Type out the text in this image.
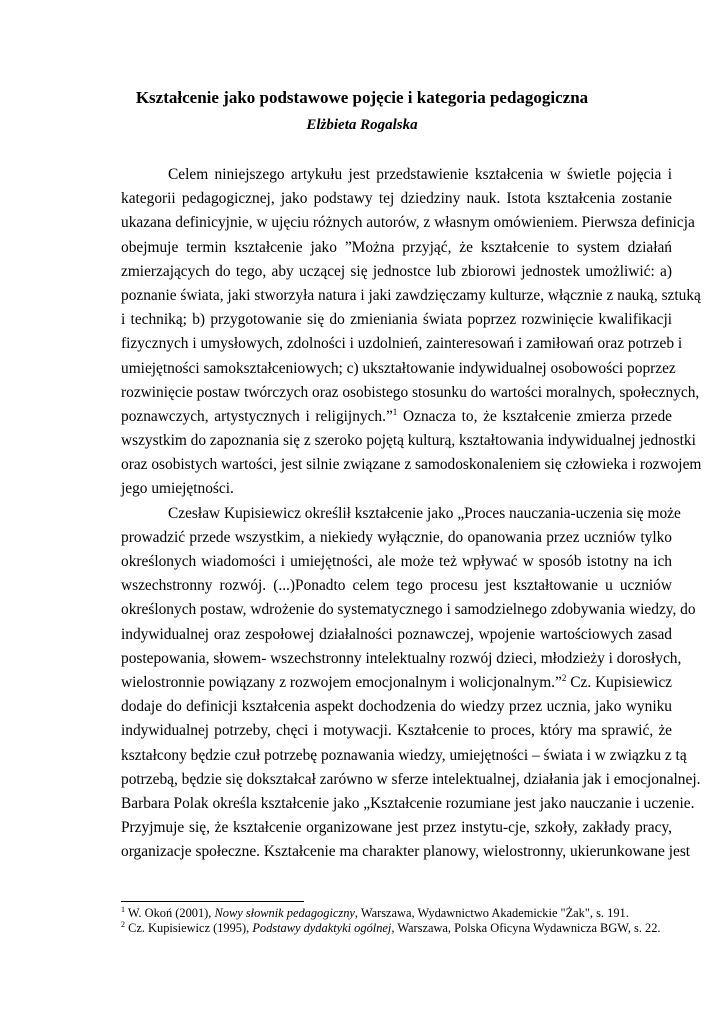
Kształcenie jako podstawowe pojęcie i kategoria pedagogiczna
Elżbieta Rogalska
Celem niniejszego artykułu jest przedstawienie kształcenia w świetle pojęcia i
kategorii pedagogicznej, jako podstawy tej dziedziny nauk. Istota kształcenia zostanie
ukazana definicyjnie, w ujęciu różnych autorów, z własnym omówieniem. Pierwsza definicja
obejmuje termin kształcenie jako ”Można przyjąć, że kształcenie to system działań
zmierzających do tego, aby uczącej się jednostce lub zbiorowi jednostek umożliwić: a)
poznanie świata, jaki stworzyła natura i jaki zawdzięczamy kulturze, włącznie z nauką, sztuką
i techniką; b) przygotowanie się do zmieniania świata poprzez rozwinięcie kwalifikacji
fizycznych i umysłowych, zdolności i uzdolnień, zainteresowań i zamiłowań oraz potrzeb i
umiejętności samokształceniowych; c) ukształtowanie indywidualnej osobowości poprzez
rozwinięcie postaw twórczych oraz osobistego stosunku do wartości moralnych, społecznych,
poznawczych, artystycznych i religijnych.”$^1$ Oznacza to, że kształcenie zmierza przede
wszystkim do zapoznania się z szeroko pojętą kulturą, kształtowania indywidualnej jednostki
oraz osobistych wartości, jest silnie związane z samodoskonaleniem się człowieka i rozwojem
jego umiejętności.
Czesław Kupisiewicz określił kształcenie jako „Proces nauczania-uczenia się może
prowadzić przede wszystkim, a niekiedy wyłącznie, do opanowania przez uczniów tylko
określonych wiadomości i umiejętności, ale może też wpływać w sposób istotny na ich
wszechstronny rozwój. (...)Ponadto celem tego procesu jest kształtowanie u uczniów
określonych postaw, wdrożenie do systematycznego i samodzielnego zdobywania wiedzy, do
indywidualnej oraz zespołowej działalności poznawczej, wpojenie wartościowych zasad
postepowania, słowem- wszechstronny intelektualny rozwój dzieci, młodzieży i dorosłych,
wielostronnie powiązany z rozwojem emocjonalnym i wolicjonalnym.”$^2$ Cz. Kupisiewicz
dodaje do definicji kształcenia aspekt dochodzenia do wiedzy przez ucznia, jako wyniku
indywidualnej potrzeby, chęci i motywacji. Kształcenie to proces, który ma sprawić, że
kształcony będzie czuł potrzebę poznawania wiedzy, umiejętności – świata i w związku z tą
potrzebą, będzie się dokształcał zarówno w sferze intelektualnej, działania jak i emocjonalnej.
Barbara Polak określa kształcenie jako „Kształcenie rozumiane jest jako nauczanie i uczenie.
Przyjmuje się, że kształcenie organizowane jest przez instytu-cje, szkoły, zakłady pracy,
organizacje społeczne. Kształcenie ma charakter planowy, wielostronny, ukierunkowane jest
$^1$ W. Okoń (2001), Nowy słownik pedagogiczny, Warszawa, Wydawnictwo Akademickie "Żak", s. 191.
$^2$ Cz. Kupisiewicz (1995), Podstawy dydaktyki ogólnej, Warszawa, Polska Oficyna Wydawnicza BGW, s. 22.
